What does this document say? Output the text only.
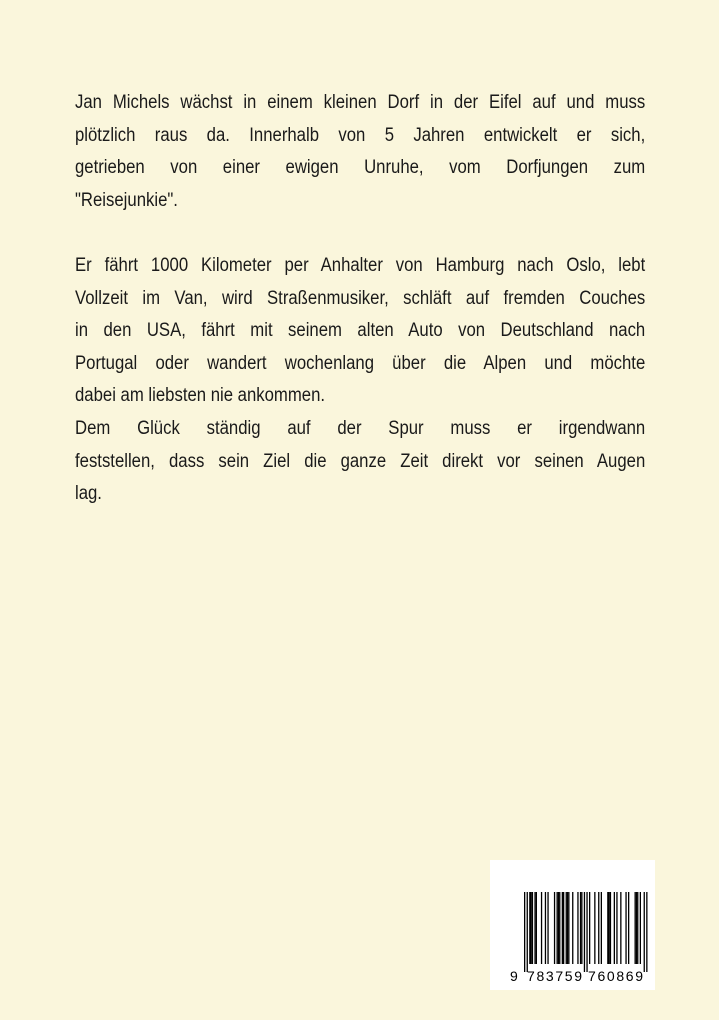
Jan Michels wächst in einem kleinen Dorf in der Eifel auf und muss
plötzlich raus da. Innerhalb von 5 Jahren entwickelt er sich,
getrieben von einer ewigen Unruhe, vom Dorfjungen zum
"Reisejunkie".
Er fährt 1000 Kilometer per Anhalter von Hamburg nach Oslo, lebt
Vollzeit im Van, wird Straßenmusiker, schläft auf fremden Couches
in den USA, fährt mit seinem alten Auto von Deutschland nach
Portugal oder wandert wochenlang über die Alpen und möchte
dabei am liebsten nie ankommen.
Dem Glück ständig auf der Spur muss er irgendwann
feststellen, dass sein Ziel die ganze Zeit direkt vor seinen Augen
lag.
9 783759 760869
